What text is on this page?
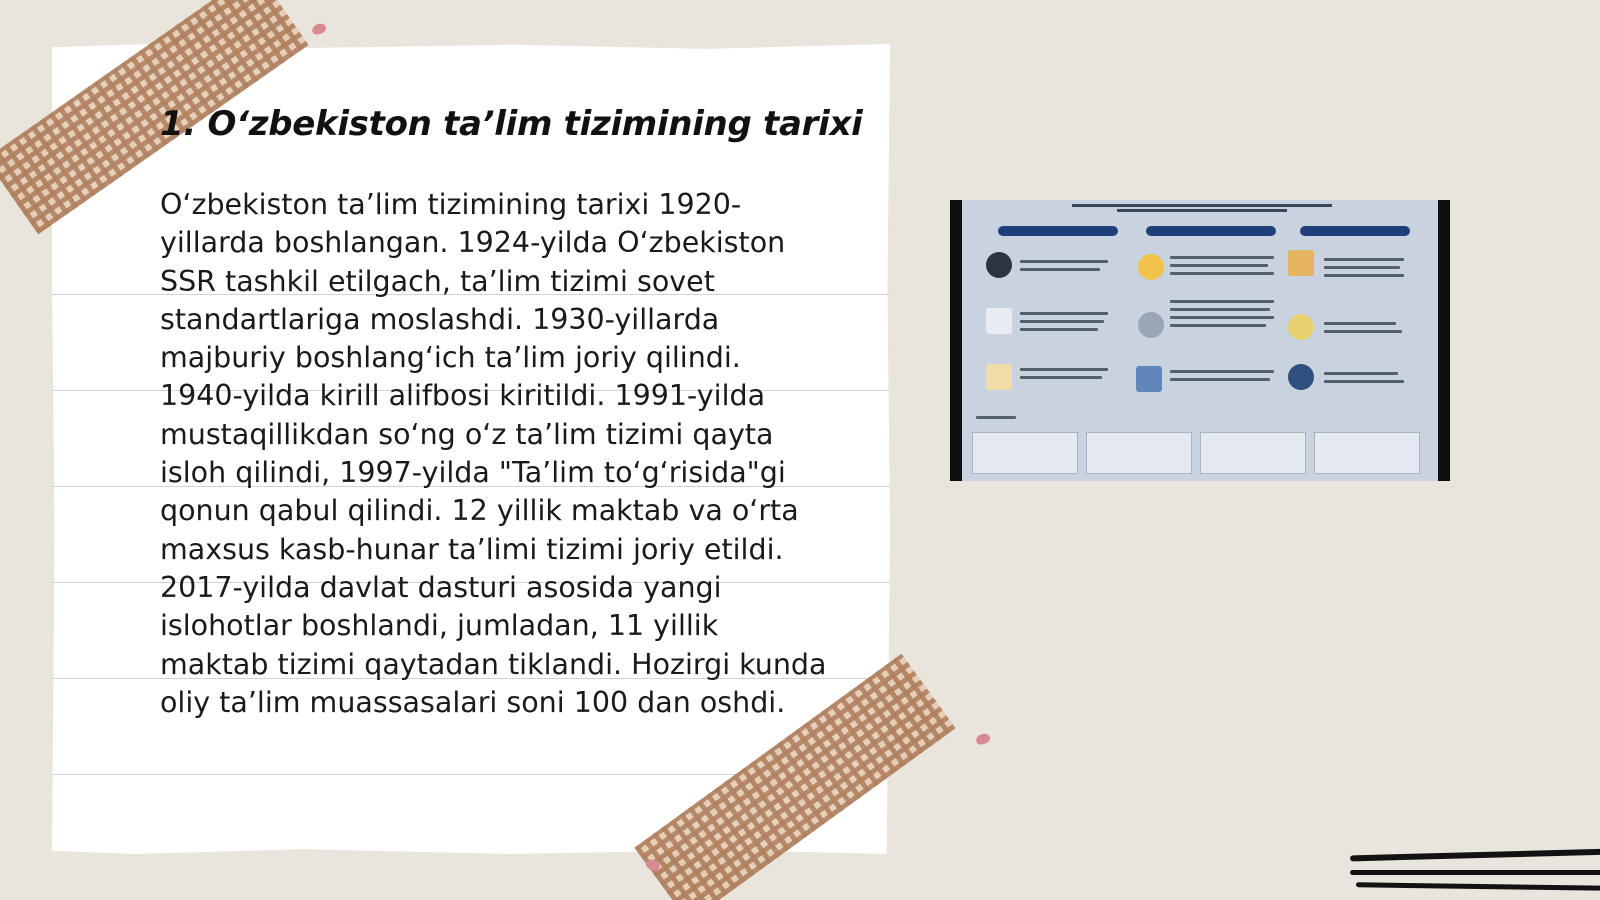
1. O‘zbekiston ta’lim tizimining tarixi

O‘zbekiston ta’lim tizimining tarixi 1920-yillarda boshlangan. 1924-yilda O‘zbekiston SSR tashkil etilgach, ta’lim tizimi sovet standartlariga moslashdi. 1930-yillarda majburiy boshlang‘ich ta’lim joriy qilindi. 1940-yilda kirill alifbosi kiritildi. 1991-yilda mustaqillikdan so‘ng o‘z ta’lim tizimi qayta isloh qilindi, 1997-yilda "Ta’lim to‘g‘risida"gi qonun qabul qilindi. 12 yillik maktab va o‘rta maxsus kasb-hunar ta’limi tizimi joriy etildi. 2017-yilda davlat dasturi asosida yangi islohotlar boshlandi, jumladan, 11 yillik maktab tizimi qaytadan tiklandi. Hozirgi kunda oliy ta’lim muassasalari soni 100 dan oshdi.
